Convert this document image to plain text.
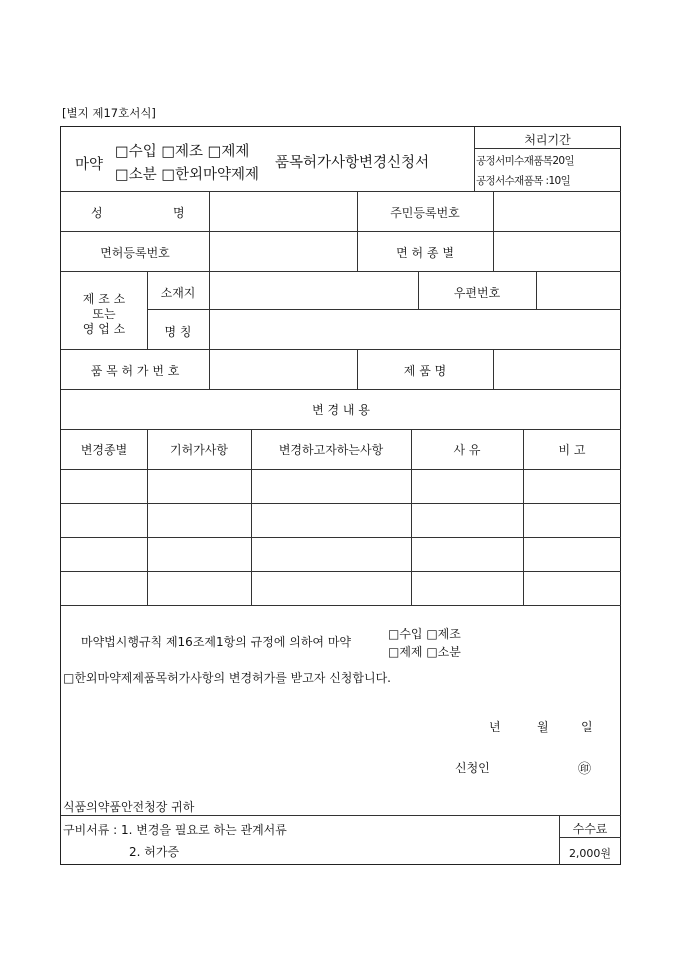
[별지 제17호서식]
마약
□수입 □제조 □제제
□소분 □한외마약제제
품목허가사항변경신청서
처리기간
공정서미수재품목20일
공정서수재품목 :10일
성	명	주민등록번호
면허등록번호	면 허 종 별
제 조 소
또는
영 업 소
소재지	우편번호
명 칭
품 목 허 가 번 호	제 품 명
변 경 내 용
변경종별	기허가사항	변경하고자하는사항	사 유	비 고
마약법시행규칙 제16조제1항의 규정에 의하여 마약
□수입 □제조
□제제 □소분
□한외마약제제품목허가사항의 변경허가를 받고자 신청합니다.
년	월	일
신청인	㊞
식품의약품안전청장 귀하
구비서류 : 1. 변경을 필요로 하는 관계서류
2. 허가증
수수료
2,000원
